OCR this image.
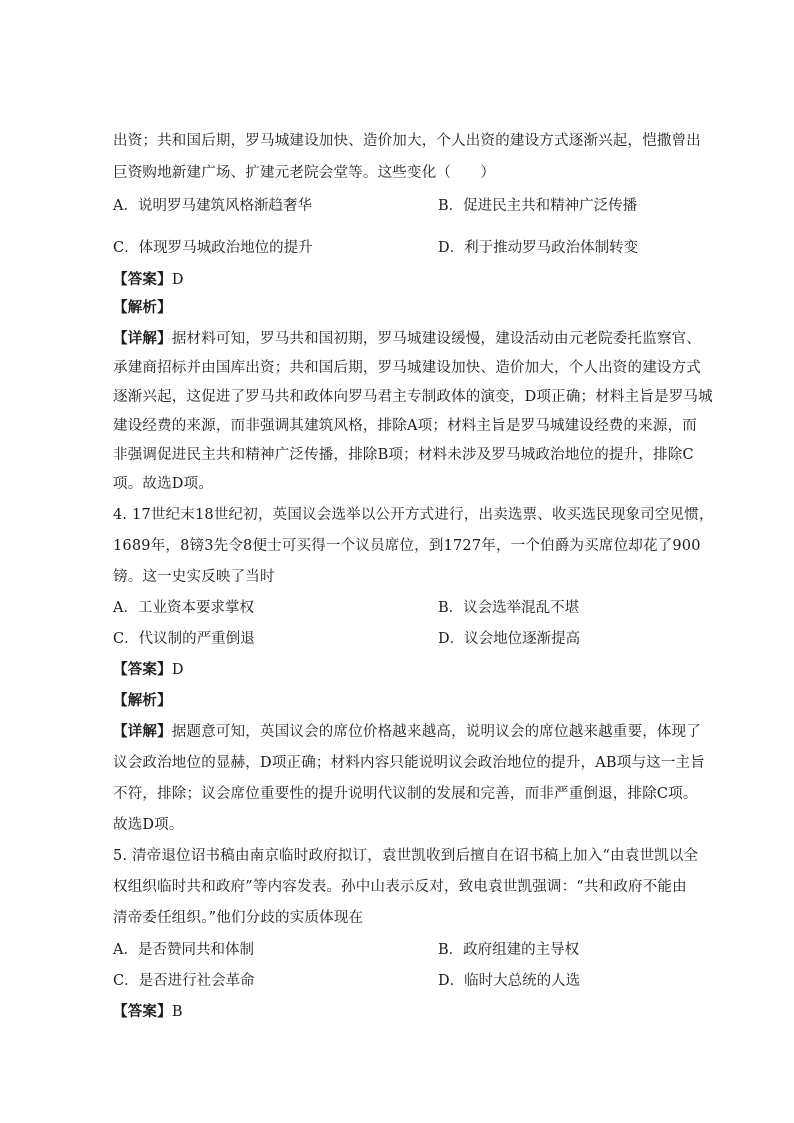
出资；共和国后期，罗马城建设加快、造价加大，个人出资的建设方式逐渐兴起，恺撒曾出
巨资购地新建广场、扩建元老院会堂等。这些变化（　　）
A．说明罗马建筑风格渐趋奢华	B．促进民主共和精神广泛传播
C．体现罗马城政治地位的提升	D．利于推动罗马政治体制转变
【答案】D
【解析】
【详解】据材料可知，罗马共和国初期，罗马城建设缓慢，建设活动由元老院委托监察官、
承建商招标并由国库出资；共和国后期，罗马城建设加快、造价加大，个人出资的建设方式
逐渐兴起，这促进了罗马共和政体向罗马君主专制政体的演变，D项正确；材料主旨是罗马城
建设经费的来源，而非强调其建筑风格，排除A项；材料主旨是罗马城建设经费的来源，而
非强调促进民主共和精神广泛传播，排除B项；材料未涉及罗马城政治地位的提升，排除C
项。故选D项。
4. 17世纪末18世纪初，英国议会选举以公开方式进行，出卖选票、收买选民现象司空见惯，
1689年，8镑3先令8便士可买得一个议员席位，到1727年，一个伯爵为买席位却花了900
镑。这一史实反映了当时
A．工业资本要求掌权	B．议会选举混乱不堪
C．代议制的严重倒退	D．议会地位逐渐提高
【答案】D
【解析】
【详解】据题意可知，英国议会的席位价格越来越高，说明议会的席位越来越重要，体现了
议会政治地位的显赫，D项正确；材料内容只能说明议会政治地位的提升，AB项与这一主旨
不符，排除；议会席位重要性的提升说明代议制的发展和完善，而非严重倒退，排除C项。
故选D项。
5. 清帝退位诏书稿由南京临时政府拟订，袁世凯收到后擅自在诏书稿上加入“由袁世凯以全
权组织临时共和政府”等内容发表。孙中山表示反对，致电袁世凯强调：“共和政府不能由
清帝委任组织。”他们分歧的实质体现在
A．是否赞同共和体制	B．政府组建的主导权
C．是否进行社会革命	D．临时大总统的人选
【答案】B
